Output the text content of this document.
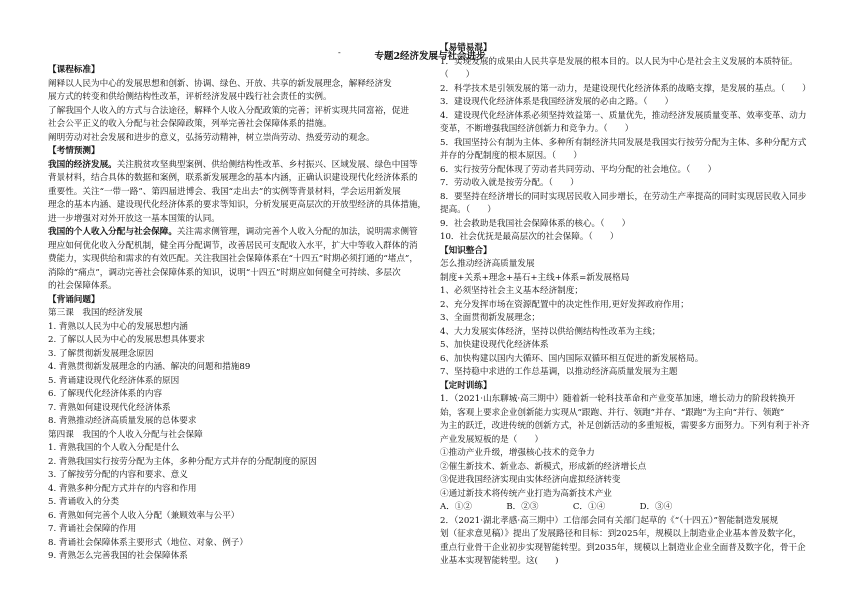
专题2经济发展与社会进步
-

【课程标准】

阐释以人民为中心的发展思想和创新、协调、绿色、开放、共享的新发展理念，解释经济发

展方式的转变和供给侧结构性改革，评析经济发展中践行社会责任的实例。

了解我国个人收入的方式与合法途径，解释个人收入分配政策的完善；评析实现共同富裕，促进

社会公平正义的收入分配与社会保障政策，列举完善社会保障体系的措施。

阐明劳动对社会发展和进步的意义，弘扬劳动精神，树立崇尚劳动、热爱劳动的观念。

【考情预测】

我国的经济发展。关注脱贫攻坚典型案例、供给侧结构性改革、乡村振兴、区域发展、绿色中国等

背景材料，结合具体的数据和案例，联系新发展理念的基本内涵，正确认识建设现代化经济体系的

重要性。关注“一带一路”、第四届进博会、我国“走出去”的实例等背景材料，学会运用新发展

理念的基本内涵、建设现代化经济体系的要求等知识，分析发展更高层次的开放型经济的具体措施，

进一步增强对对外开放这一基本国策的认同。

我国的个人收入分配与社会保障。关注需求侧管理，调动完善个人收入分配的加法，说明需求侧管

理应如何优化收入分配机制，健全再分配调节，改善居民可支配收入水平，扩大中等收入群体的消

费能力，实现供给和需求的有效匹配。关注我国社会保障体系在“十四五”时期必须打通的“堵点”，

消除的“痛点”，调动完善社会保障体系的知识，说明“十四五”时期应如何健全可持续、多层次

的社会保障体系。

【背诵问题】

第三课　我国的经济发展

1. 背熟以人民为中心的发展思想内涵

2. 了解以人民为中心的发展思想具体要求

3. 了解贯彻新发展理念原因

4. 背熟贯彻新发展理念的内涵、解决的问题和措施89

5. 背诵建设现代化经济体系的原因

6. 了解现代化经济体系的内容

7. 背熟如何建设现代化经济体系

8. 背熟推动经济高质量发展的总体要求

第四课　我国的个人收入分配与社会保障

1. 背熟我国的个人收入分配是什么

2. 背熟我国实行按劳分配为主体，多种分配方式并存的分配制度的原因

3. 了解按劳分配的内容和要求、意义

4. 背熟多种分配方式并存的内容和作用

5. 背诵收入的分类

6. 背熟如何完善个人收入分配（兼顾效率与公平）

7. 背诵社会保障的作用

8. 背诵社会保障体系主要形式（地位、对象、例子）

9. 背熟怎么完善我国的社会保障体系

【易错易混】

1．实现发展的成果由人民共享是发展的根本目的。以人民为中心是社会主义发展的本质特征。

（　　）

2．科学技术是引领发展的第一动力，是建设现代化经济体系的战略支撑，是发展的基点。（　　）

3．建设现代化经济体系是我国经济发展的必由之路。（　　）

4．建设现代化经济体系必须坚持效益第一、质量优先，推动经济发展质量变革、效率变革、动力

变革，不断增强我国经济创新力和竞争力。（　　）

5．我国坚持公有制为主体、多种所有制经济共同发展是我国实行按劳分配为主体、多种分配方式

并存的分配制度的根本原因。（　　）

6．实行按劳分配体现了劳动者共同劳动、平均分配的社会地位。（　　）

7．劳动收入就是按劳分配。（　　）

8．要坚持在经济增长的同时实现居民收入同步增长，在劳动生产率提高的同时实现居民收入同步

提高。（　　）

9．社会救助是我国社会保障体系的核心。（　　）

10．社会优抚是最高层次的社会保障。（　　）

【知识整合】

怎么推动经济高质量发展

制度+关系+理念+基石+主线+体系=新发展格局

1、必须坚持社会主义基本经济制度；

2、充分发挥市场在资源配置中的决定性作用,更好发挥政府作用；

3、全面贯彻新发展理念；

4、大力发展实体经济，坚持以供给侧结构性改革为主线；

5、加快建设现代化经济体系

6、加快构建以国内大循环、国内国际双循环相互促进的新发展格局。

7、坚持稳中求进的工作总基调，以推动经济高质量发展为主题

【定时训练】

1．（2021·山东聊城·高三期中）随着新一轮科技革命和产业变革加速，增长动力的阶段转换开

始，客观上要求企业创新能力实现从“跟跑、并行、领跑”并存、“跟跑”为主向“并行、领跑”

为主的跃迁，改进传统的创新方式，补足创新活动的多重短板，需要多方面努力。下列有利于补齐

产业发展短板的是（　　）

①推动产业升级，增强核心技术的竞争力

②催生新技术、新业态、新模式，形成新的经济增长点

③促进我国经济实现由实体经济向虚拟经济转变

④通过新技术将传统产业打造为高新技术产业

A．①②　　　　B．②③　　　　C．①④　　　　D．③④

2．（2021·湖北孝感·高三期中）工信部会同有关部门起草的《“（十四五）”智能制造发展规

划（征求意见稿）》提出了发展路径和目标：到2025年，规模以上制造业企业基本普及数字化，

重点行业骨干企业初步实现智能转型。到2035年，规模以上制造业企业全面普及数字化，骨干企

业基本实现智能转型。这(　　)
